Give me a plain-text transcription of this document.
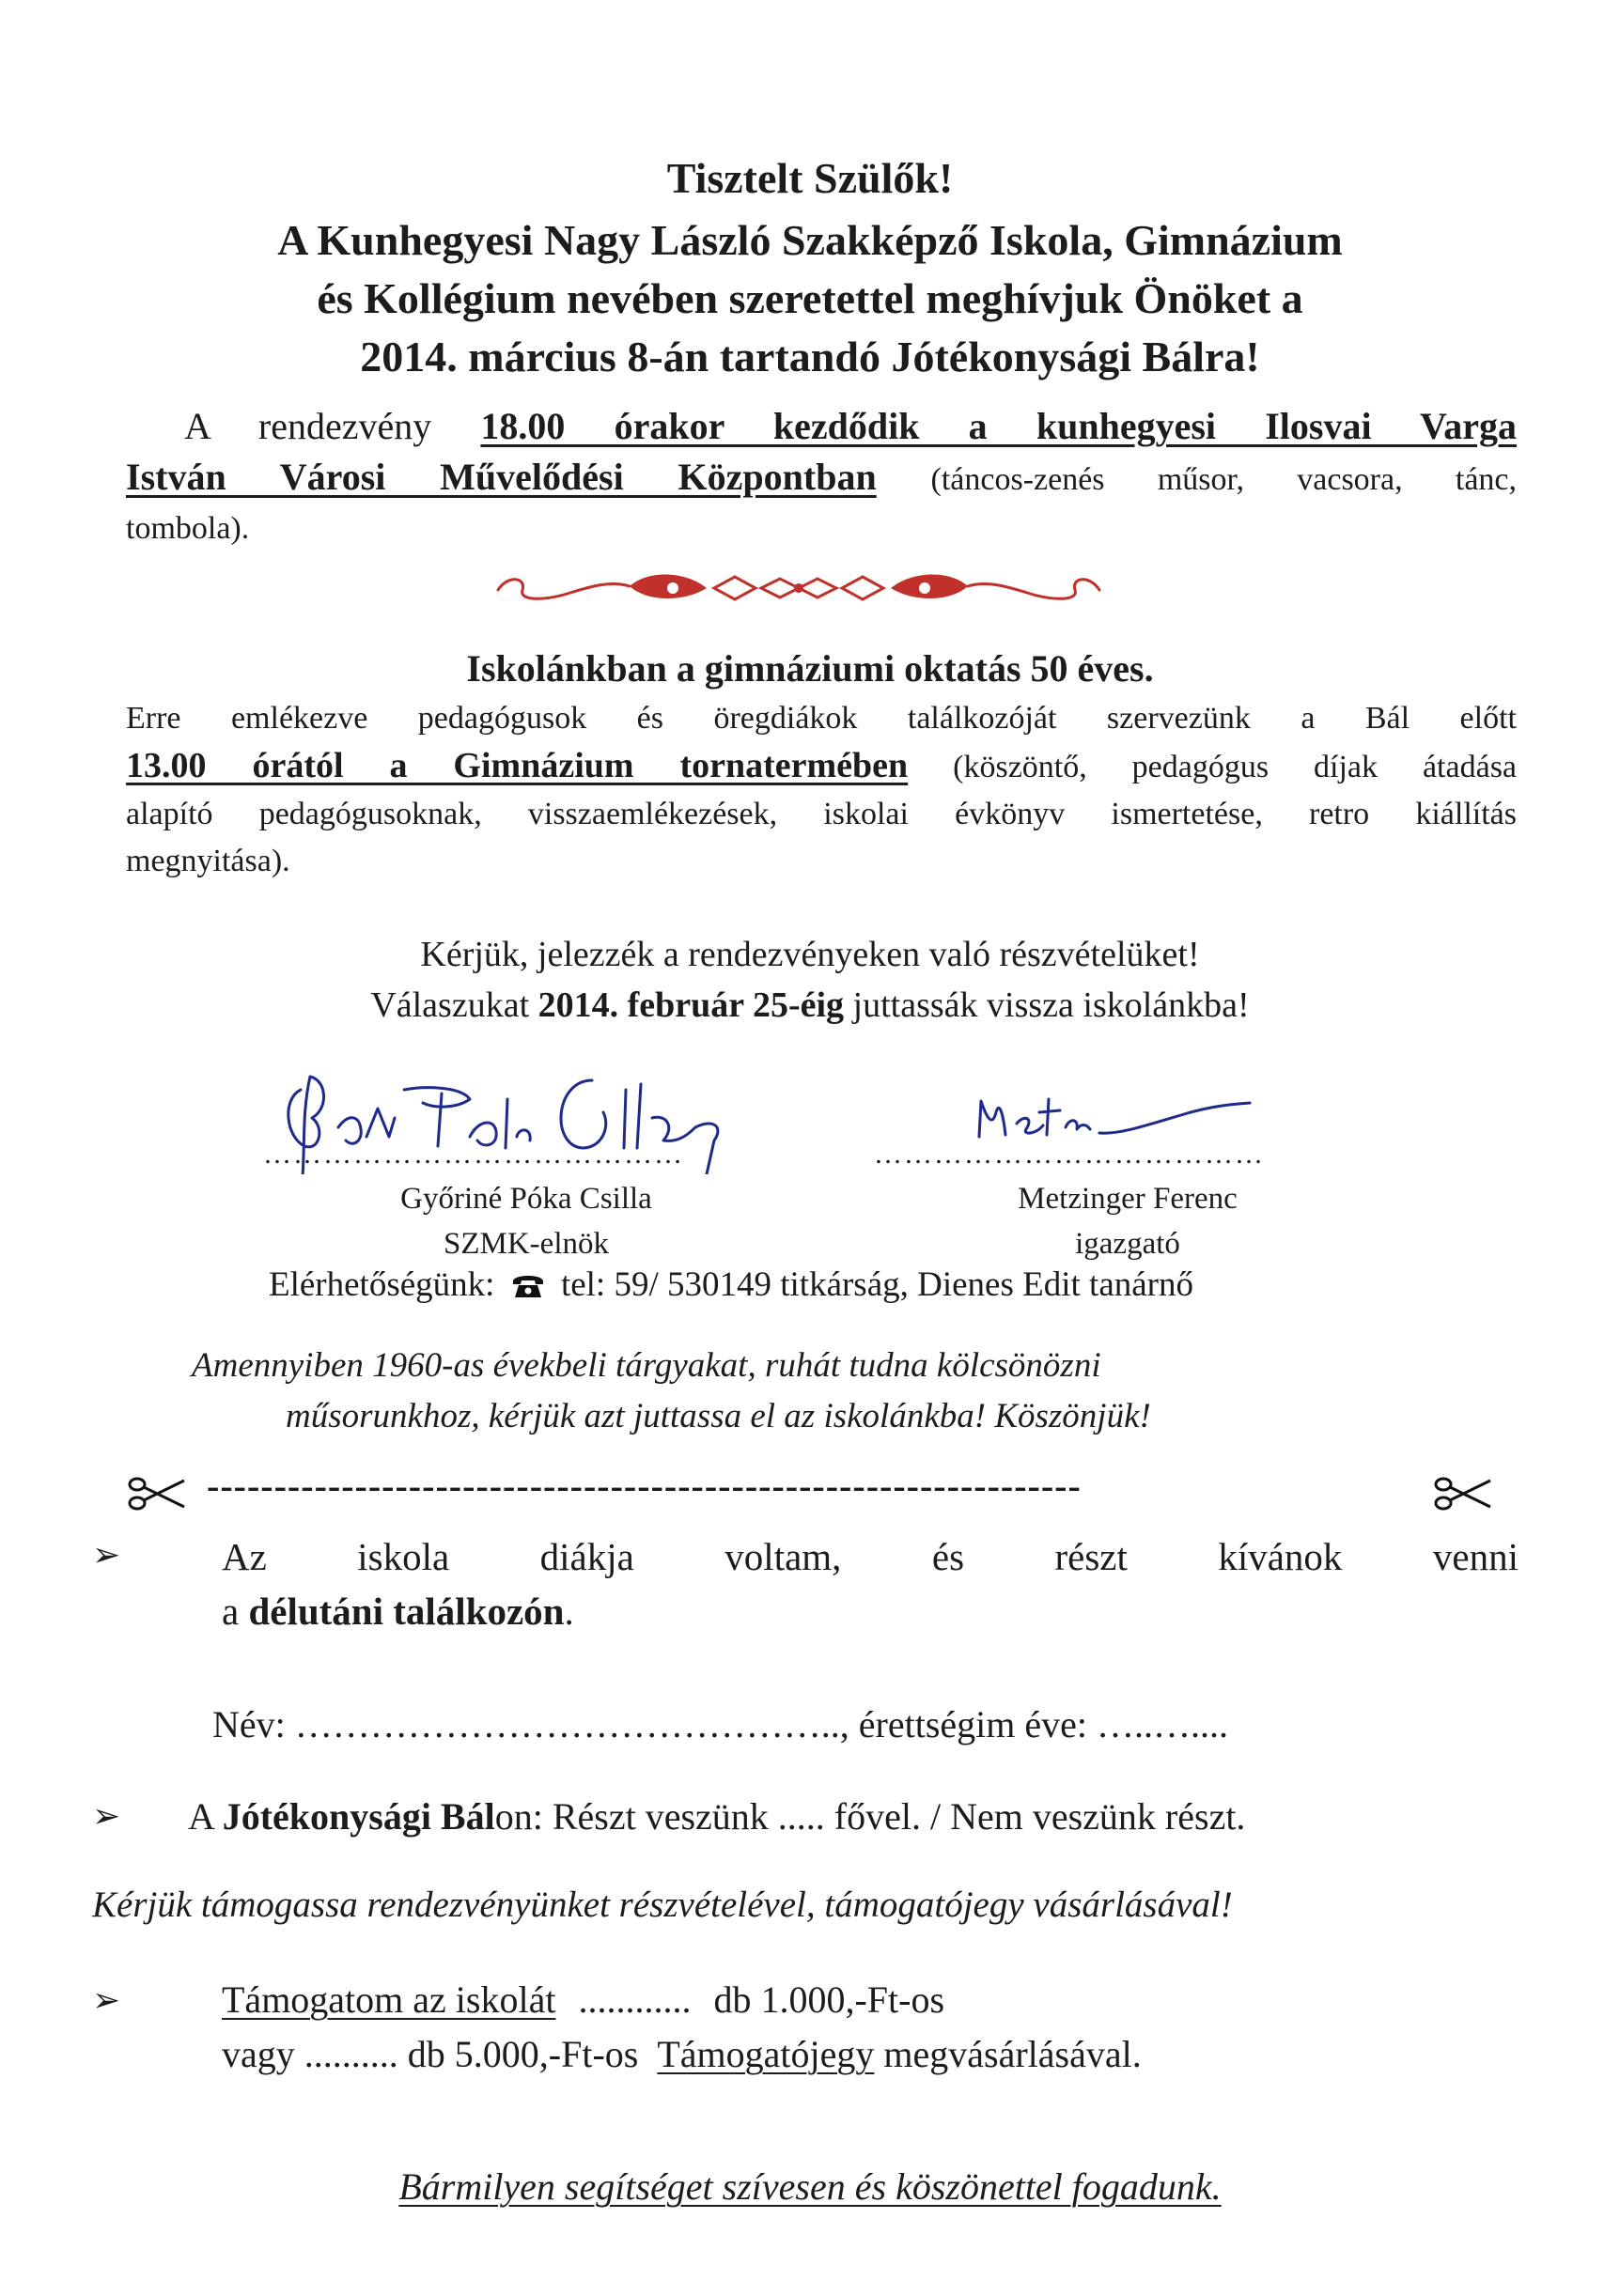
Tisztelt Szülők!
A Kunhegyesi Nagy László Szakképző Iskola, Gimnázium
és Kollégium nevében szeretettel meghívjuk Önöket a
2014. március 8-án tartandó Jótékonysági Bálra!
A rendezvény 18.00 órakor kezdődik a kunhegyesi Ilosvai Varga
István Városi Művelődési Központban (táncos-zenés műsor, vacsora, tánc,
tombola).
Iskolánkban a gimnáziumi oktatás 50 éves.
Erre emlékezve pedagógusok és öregdiákok találkozóját szervezünk a Bál előtt
13.00 órától a Gimnázium tornatermében (köszöntő, pedagógus díjak átadása
alapító pedagógusoknak, visszaemlékezések, iskolai évkönyv ismertetése, retro kiállítás
megnyitása).
Kérjük, jelezzék a rendezvényeken való részvételüket!
Válaszukat 2014. február 25-éig juttassák vissza iskolánkba!
……………………………………
Győriné Póka Csilla
SZMK-elnök
…………………………………
Metzinger Ferenc
igazgató
Elérhetőségünk: tel: 59/ 530149 titkárság, Dienes Edit tanárnő
Amennyiben 1960-as évekbeli tárgyakat, ruhát tudna kölcsönözni
műsorunkhoz, kérjük azt juttassa el az iskolánkba! Köszönjük!
-----------------------------------------------------------------
➢	Az iskola diákja voltam, és részt kívánok venni
a délutáni találkozón.
Név: …………………………………….., érettségim éve: …..…....
➢ A Jótékonysági Bálon: Részt veszünk ..... fővel. / Nem veszünk részt.
Kérjük támogassa rendezvényünket részvételével, támogatójegy vásárlásával!
➢	Támogatom az iskolát ............ db 1.000,-Ft-os
vagy .......... db 5.000,-Ft-os Támogatójegy megvásárlásával.
Bármilyen segítséget szívesen és köszönettel fogadunk.
